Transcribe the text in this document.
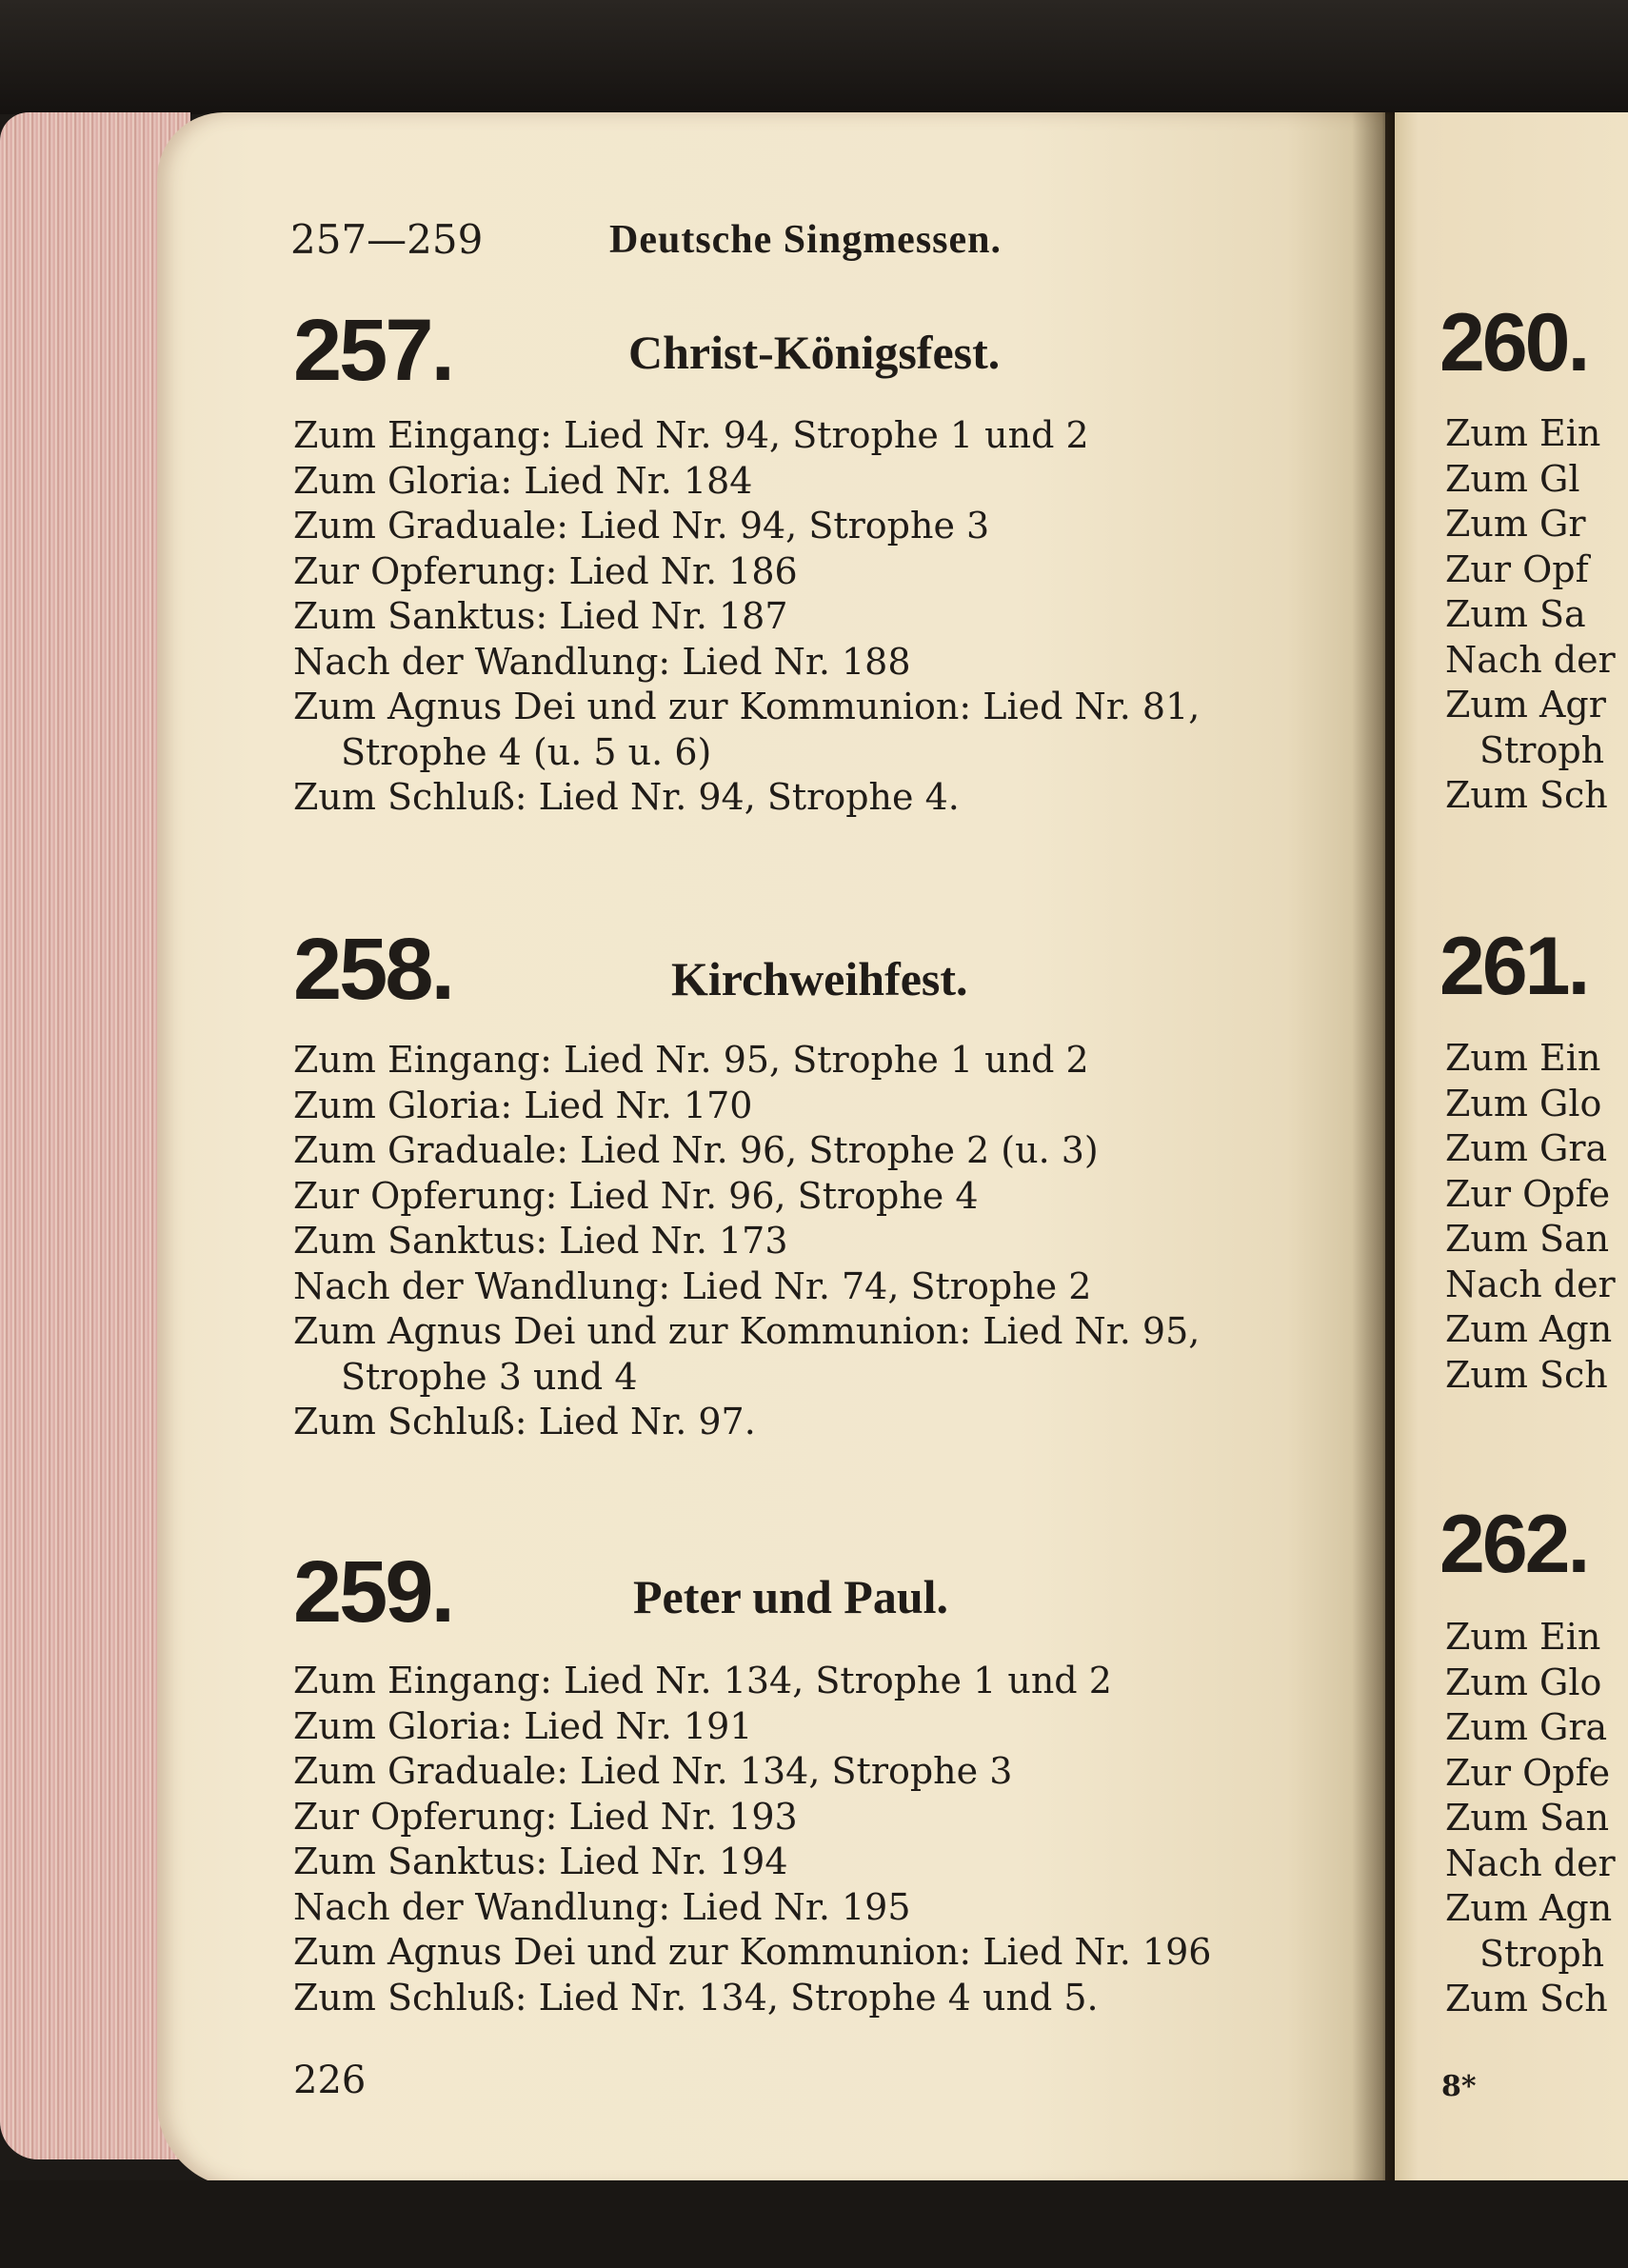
257—259	Deutsche Singmessen.
257.	Christ-Königsfest.
Zum Eingang: Lied Nr. 94, Strophe 1 und 2
Zum Gloria: Lied Nr. 184
Zum Graduale: Lied Nr. 94, Strophe 3
Zur Opferung: Lied Nr. 186
Zum Sanktus: Lied Nr. 187
Nach der Wandlung: Lied Nr. 188
Zum Agnus Dei und zur Kommunion: Lied Nr. 81,
Strophe 4 (u. 5 u. 6)
Zum Schluß: Lied Nr. 94, Strophe 4.
258.	Kirchweihfest.
Zum Eingang: Lied Nr. 95, Strophe 1 und 2
Zum Gloria: Lied Nr. 170
Zum Graduale: Lied Nr. 96, Strophe 2 (u. 3)
Zur Opferung: Lied Nr. 96, Strophe 4
Zum Sanktus: Lied Nr. 173
Nach der Wandlung: Lied Nr. 74, Strophe 2
Zum Agnus Dei und zur Kommunion: Lied Nr. 95,
Strophe 3 und 4
Zum Schluß: Lied Nr. 97.
259.	Peter und Paul.
Zum Eingang: Lied Nr. 134, Strophe 1 und 2
Zum Gloria: Lied Nr. 191
Zum Graduale: Lied Nr. 134, Strophe 3
Zur Opferung: Lied Nr. 193
Zum Sanktus: Lied Nr. 194
Nach der Wandlung: Lied Nr. 195
Zum Agnus Dei und zur Kommunion: Lied Nr. 196
Zum Schluß: Lied Nr. 134, Strophe 4 und 5.
226
260.
Zum Ein
Zum Gl
Zum Gr
Zur Opf
Zum Sa
Nach der
Zum Agr
Stroph
Zum Sch
261.
Zum Ein
Zum Glo
Zum Gra
Zur Opfe
Zum San
Nach der
Zum Agn
Zum Sch
262.
Zum Ein
Zum Glo
Zum Gra
Zur Opfe
Zum San
Nach der
Zum Agn
Stroph
Zum Sch
8*
